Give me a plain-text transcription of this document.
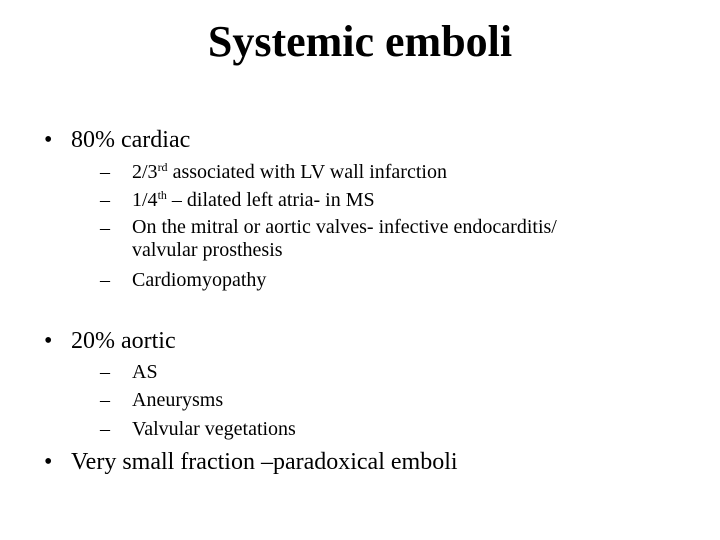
Systemic emboli
• 80% cardiac
– 2/3rd associated with LV wall infarction
– 1/4th – dilated left atria- in MS
– On the mitral or aortic valves- infective endocarditis/ valvular prosthesis
– Cardiomyopathy
• 20% aortic
– AS
– Aneurysms
– Valvular vegetations
• Very small fraction –paradoxical emboli
